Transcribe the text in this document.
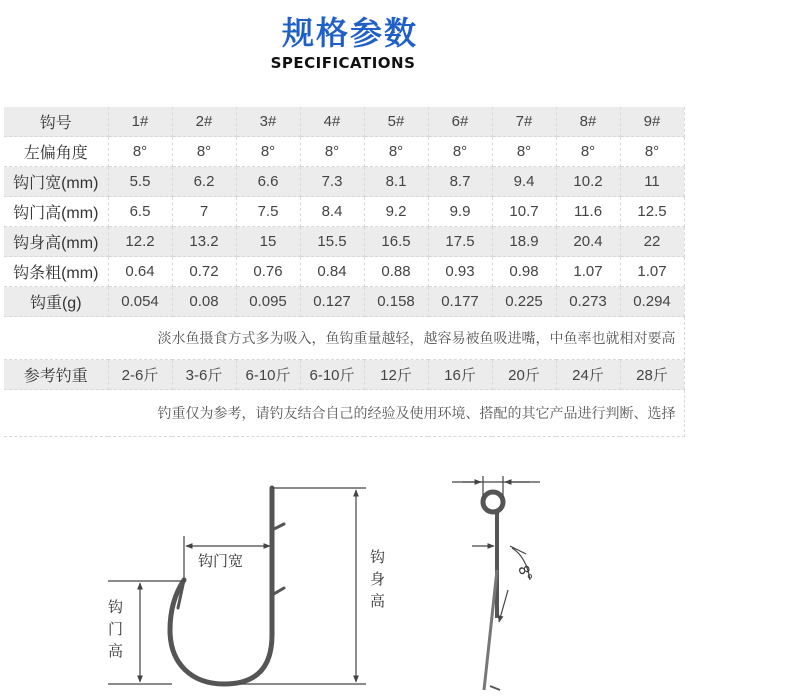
规格参数
SPECIFICATIONS
钩号	1#	2#	3#	4#	5#	6#	7#	8#	9#
左偏角度	8°	8°	8°	8°	8°	8°	8°	8°	8°
钩门宽(mm)	5.5	6.2	6.6	7.3	8.1	8.7	9.4	10.2	11
钩门高(mm)	6.5	7	7.5	8.4	9.2	9.9	10.7	11.6	12.5
钩身高(mm)	12.2	13.2	15	15.5	16.5	17.5	18.9	20.4	22
钩条粗(mm)	0.64	0.72	0.76	0.84	0.88	0.93	0.98	1.07	1.07
钩重(g)	0.054	0.08	0.095	0.127	0.158	0.177	0.225	0.273	0.294
淡水鱼摄食方式多为吸入，鱼钩重量越轻，越容易被鱼吸进嘴，中鱼率也就相对要高									
参考钓重	2-6斤	3-6斤	6-10斤	6-10斤	12斤	16斤	20斤	24斤	28斤
钓重仅为参考，请钓友结合自己的经验及使用环境、搭配的其它产品进行判断、选择									
钩
身
高
钩门宽
钩
门
高
8°
